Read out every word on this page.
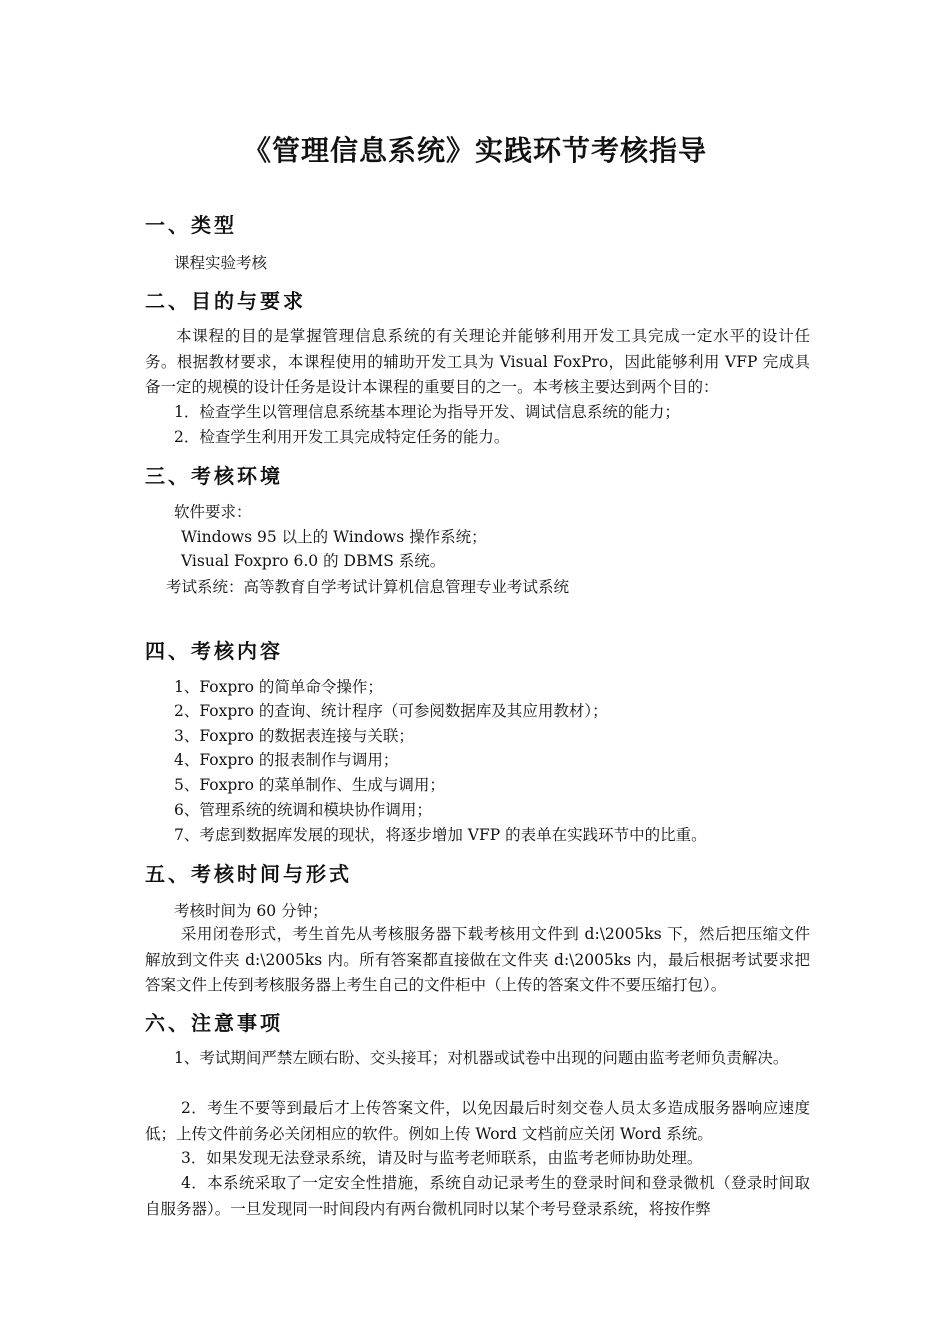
《管理信息系统》实践环节考核指导
一、类型

课程实验考核

二、目的与要求

本课程的目的是掌握管理信息系统的有关理论并能够利用开发工具完成一定水平的设计任务。根据教材要求，本课程使用的辅助开发工具为 Visual FoxPro，因此能够利用 VFP 完成具备一定的规模的设计任务是设计本课程的重要目的之一。本考核主要达到两个目的：

1．检查学生以管理信息系统基本理论为指导开发、调试信息系统的能力；

2．检查学生利用开发工具完成特定任务的能力。

三、考核环境

软件要求：

Windows 95 以上的 Windows 操作系统；

Visual Foxpro 6.0 的 DBMS 系统。

考试系统：高等教育自学考试计算机信息管理专业考试系统

四、考核内容

1、Foxpro 的简单命令操作；

2、Foxpro 的查询、统计程序（可参阅数据库及其应用教材）；

3、Foxpro 的数据表连接与关联；

4、Foxpro 的报表制作与调用；

5、Foxpro 的菜单制作、生成与调用；

6、管理系统的统调和模块协作调用；

7、考虑到数据库发展的现状，将逐步增加 VFP 的表单在实践环节中的比重。

五、考核时间与形式

考核时间为 60 分钟；

采用闭卷形式，考生首先从考核服务器下载考核用文件到 d:\2005ks 下，然后把压缩文件解放到文件夹 d:\2005ks 内。所有答案都直接做在文件夹 d:\2005ks 内，最后根据考试要求把答案文件上传到考核服务器上考生自己的文件柜中（上传的答案文件不要压缩打包）。

六、注意事项

1、考试期间严禁左顾右盼、交头接耳；对机器或试卷中出现的问题由监考老师负责解决。

2．考生不要等到最后才上传答案文件，以免因最后时刻交卷人员太多造成服务器响应速度低；上传文件前务必关闭相应的软件。例如上传 Word 文档前应关闭 Word 系统。

3．如果发现无法登录系统，请及时与监考老师联系，由监考老师协助处理。

4．本系统采取了一定安全性措施，系统自动记录考生的登录时间和登录微机（登录时间取自服务器）。一旦发现同一时间段内有两台微机同时以某个考号登录系统，将按作弊
